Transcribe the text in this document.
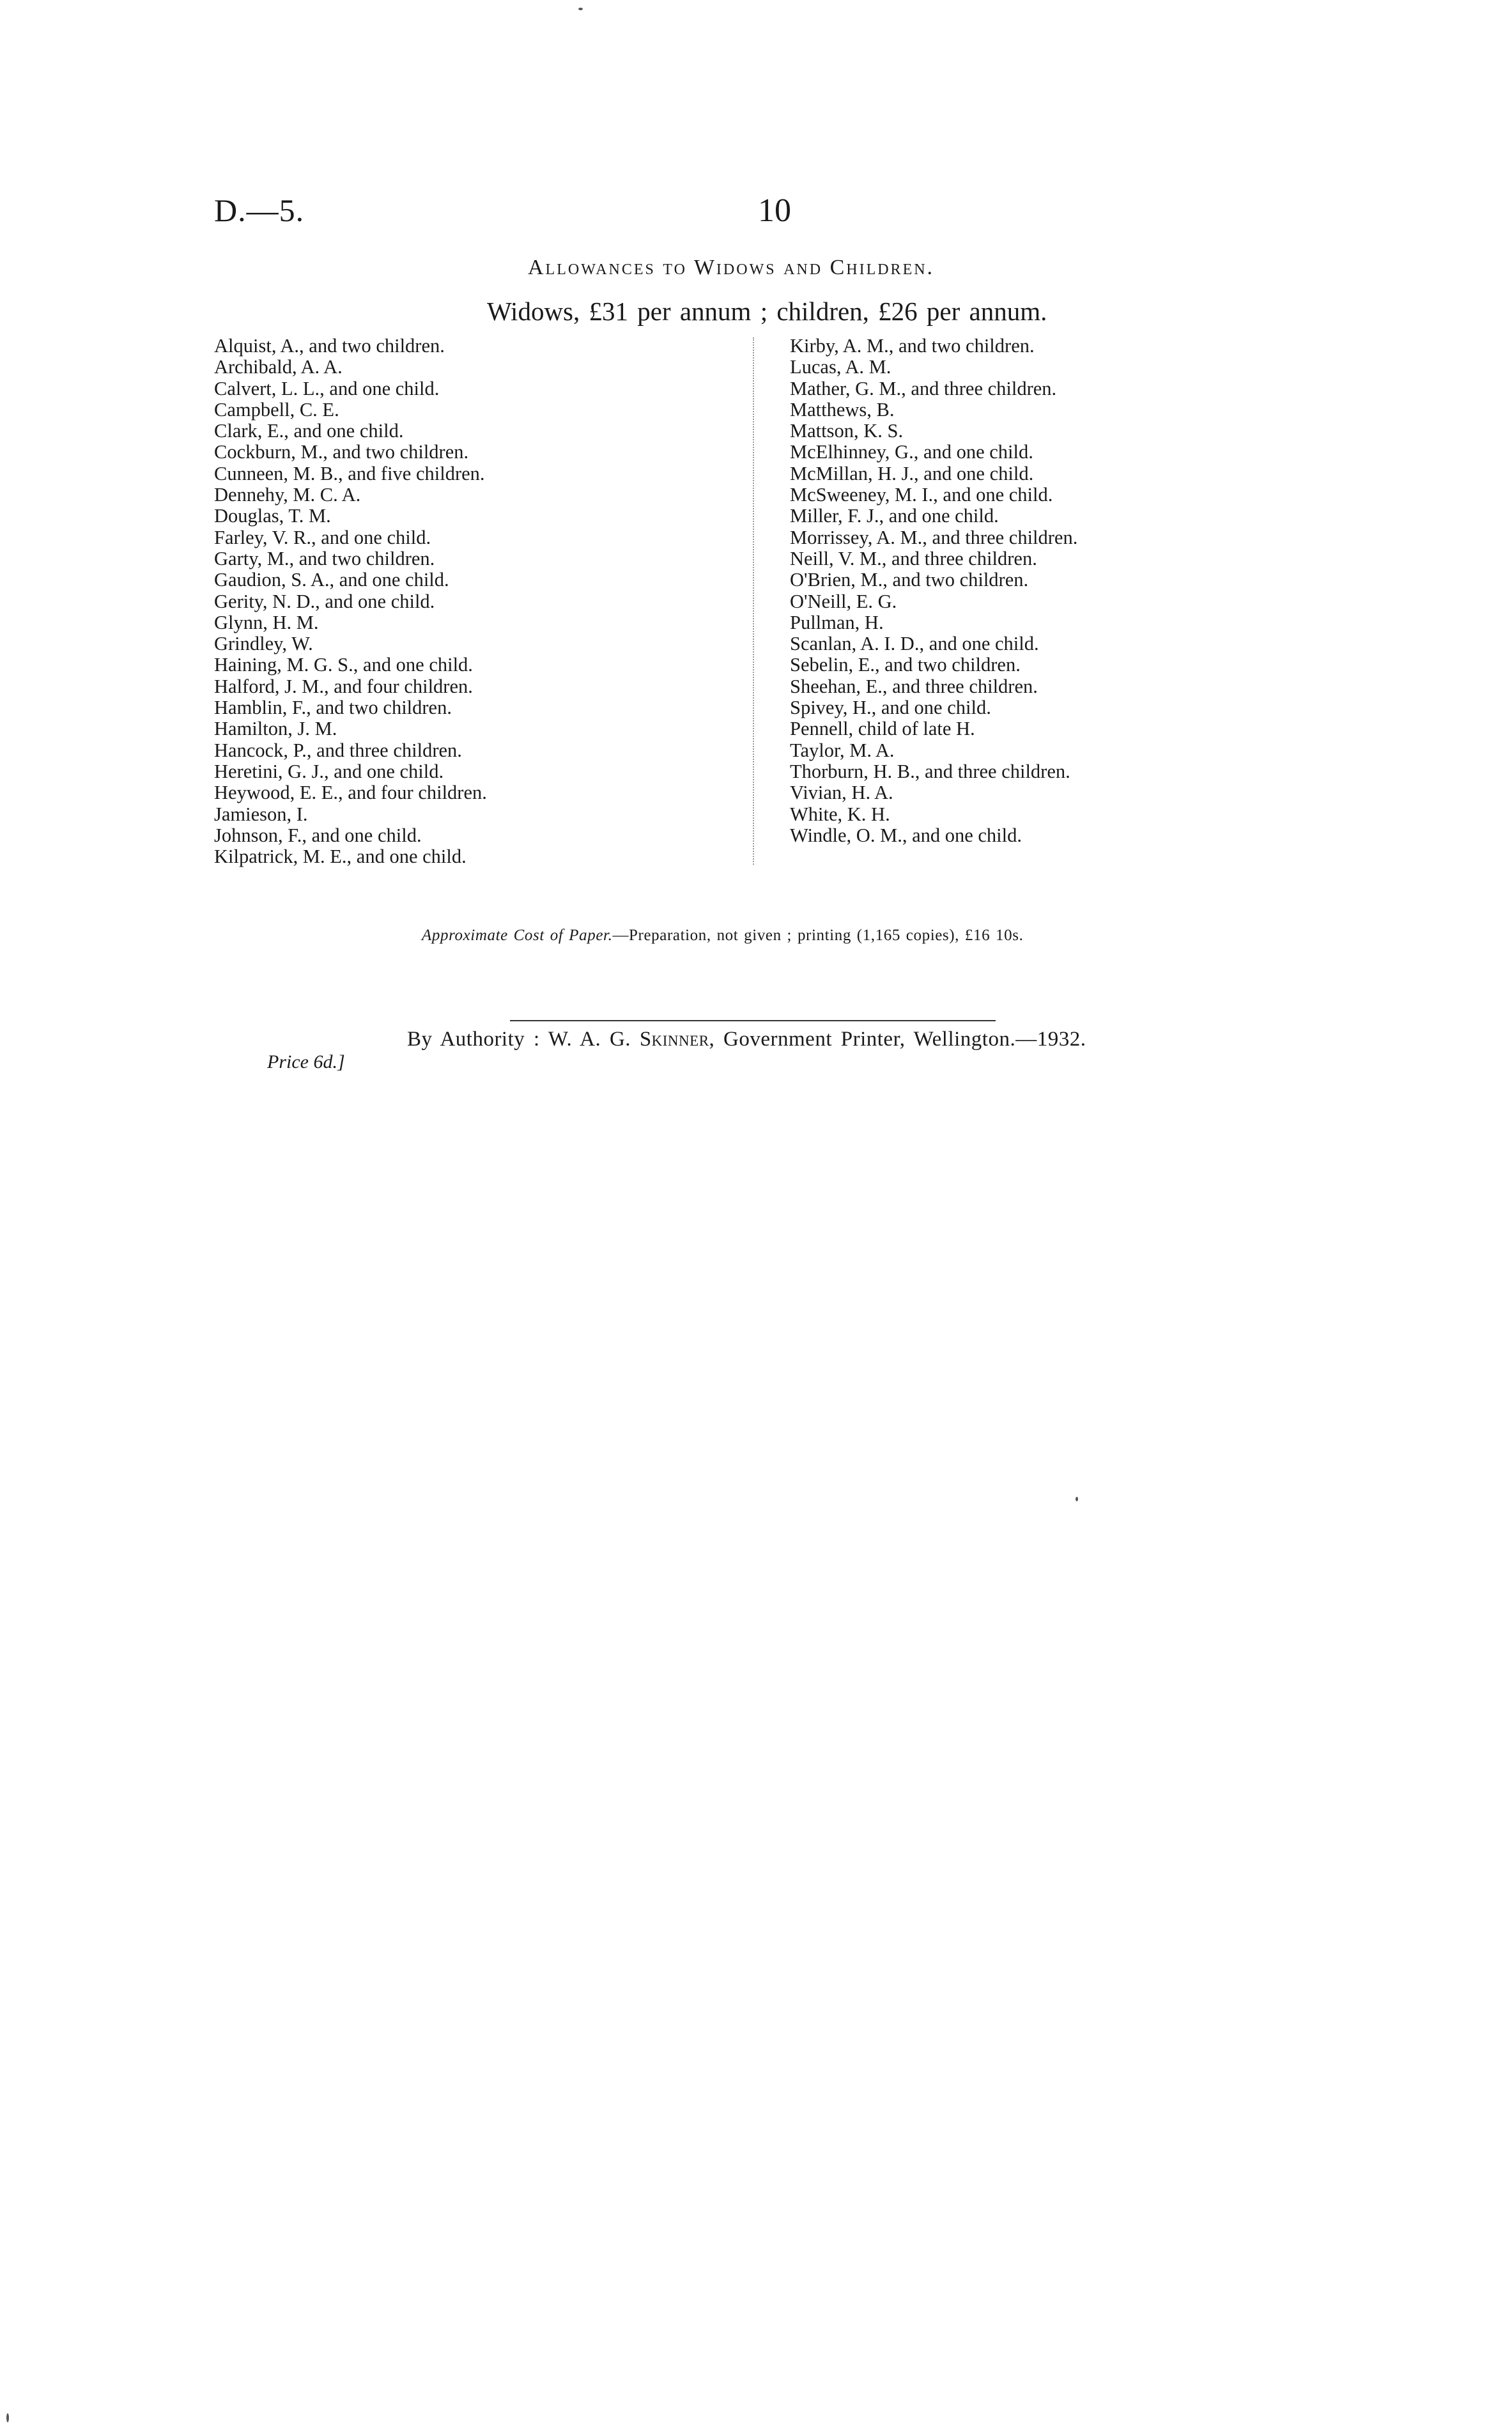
D.—5.	10
Allowances to Widows and Children.
Widows, £31 per annum ; children, £26 per annum.
Alquist, A., and two children.
Archibald, A. A.
Calvert, L. L., and one child.
Campbell, C. E.
Clark, E., and one child.
Cockburn, M., and two children.
Cunneen, M. B., and five children.
Dennehy, M. C. A.
Douglas, T. M.
Farley, V. R., and one child.
Garty, M., and two children.
Gaudion, S. A., and one child.
Gerity, N. D., and one child.
Glynn, H. M.
Grindley, W.
Haining, M. G. S., and one child.
Halford, J. M., and four children.
Hamblin, F., and two children.
Hamilton, J. M.
Hancock, P., and three children.
Heretini, G. J., and one child.
Heywood, E. E., and four children.
Jamieson, I.
Johnson, F., and one child.
Kilpatrick, M. E., and one child.
Kirby, A. M., and two children.
Lucas, A. M.
Mather, G. M., and three children.
Matthews, B.
Mattson, K. S.
McElhinney, G., and one child.
McMillan, H. J., and one child.
McSweeney, M. I., and one child.
Miller, F. J., and one child.
Morrissey, A. M., and three children.
Neill, V. M., and three children.
O'Brien, M., and two children.
O'Neill, E. G.
Pullman, H.
Scanlan, A. I. D., and one child.
Sebelin, E., and two children.
Sheehan, E., and three children.
Spivey, H., and one child.
Pennell, child of late H.
Taylor, M. A.
Thorburn, H. B., and three children.
Vivian, H. A.
White, K. H.
Windle, O. M., and one child.
Approximate Cost of Paper.—Preparation, not given ; printing (1,165 copies), £16 10s.
By Authority : W. A. G. Skinner, Government Printer, Wellington.—1932.
Price 6d.]
